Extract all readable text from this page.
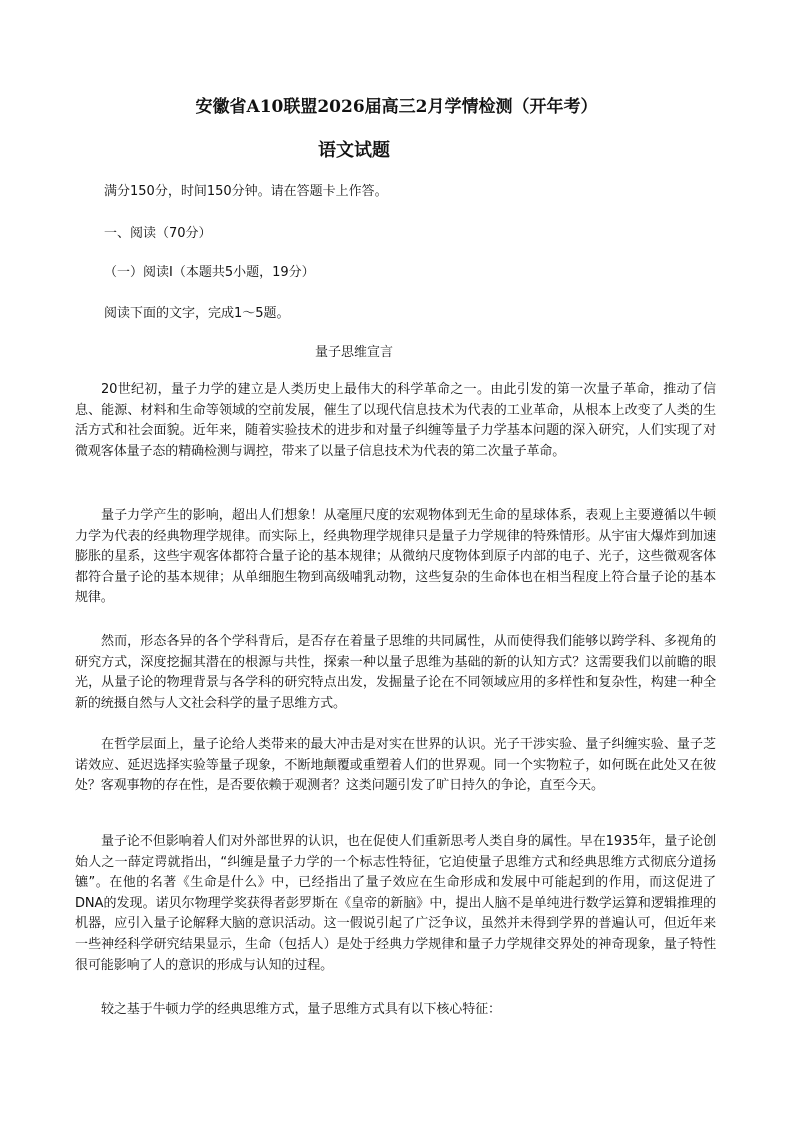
安徽省A10联盟2026届高三2月学情检测（开年考）
语文试题
满分150分，时间150分钟。请在答题卡上作答。
一、阅读（70分）
（一）阅读Ⅰ（本题共5小题，19分）
阅读下面的文字，完成1～5题。
量子思维宣言
20世纪初，量子力学的建立是人类历史上最伟大的科学革命之一。由此引发的第一次量子革命，推动了信息、能源、材料和生命等领域的空前发展，催生了以现代信息技术为代表的工业革命，从根本上改变了人类的生活方式和社会面貌。近年来，随着实验技术的进步和对量子纠缠等量子力学基本问题的深入研究，人们实现了对微观客体量子态的精确检测与调控，带来了以量子信息技术为代表的第二次量子革命。
量子力学产生的影响，超出人们想象！从毫厘尺度的宏观物体到无生命的星球体系，表观上主要遵循以牛顿力学为代表的经典物理学规律。而实际上，经典物理学规律只是量子力学规律的特殊情形。从宇宙大爆炸到加速膨胀的星系，这些宇观客体都符合量子论的基本规律；从微纳尺度物体到原子内部的电子、光子，这些微观客体都符合量子论的基本规律；从单细胞生物到高级哺乳动物，这些复杂的生命体也在相当程度上符合量子论的基本规律。
然而，形态各异的各个学科背后，是否存在着量子思维的共同属性，从而使得我们能够以跨学科、多视角的研究方式，深度挖掘其潜在的根源与共性，探索一种以量子思维为基础的新的认知方式？这需要我们以前瞻的眼光，从量子论的物理背景与各学科的研究特点出发，发掘量子论在不同领域应用的多样性和复杂性，构建一种全新的统摄自然与人文社会科学的量子思维方式。
在哲学层面上，量子论给人类带来的最大冲击是对实在世界的认识。光子干涉实验、量子纠缠实验、量子芝诺效应、延迟选择实验等量子现象，不断地颠覆或重塑着人们的世界观。同一个实物粒子，如何既在此处又在彼处？客观事物的存在性，是否要依赖于观测者？这类问题引发了旷日持久的争论，直至今天。
量子论不但影响着人们对外部世界的认识，也在促使人们重新思考人类自身的属性。早在1935年，量子论创始人之一薛定谔就指出，“纠缠是量子力学的一个标志性特征，它迫使量子思维方式和经典思维方式彻底分道扬镳”。在他的名著《生命是什么》中，已经指出了量子效应在生命形成和发展中可能起到的作用，而这促进了DNA的发现。诺贝尔物理学奖获得者彭罗斯在《皇帝的新脑》中，提出人脑不是单纯进行数学运算和逻辑推理的机器，应引入量子论解释大脑的意识活动。这一假说引起了广泛争议，虽然并未得到学界的普遍认可，但近年来一些神经科学研究结果显示，生命（包括人）是处于经典力学规律和量子力学规律交界处的神奇现象，量子特性很可能影响了人的意识的形成与认知的过程。
较之基于牛顿力学的经典思维方式，量子思维方式具有以下核心特征：
